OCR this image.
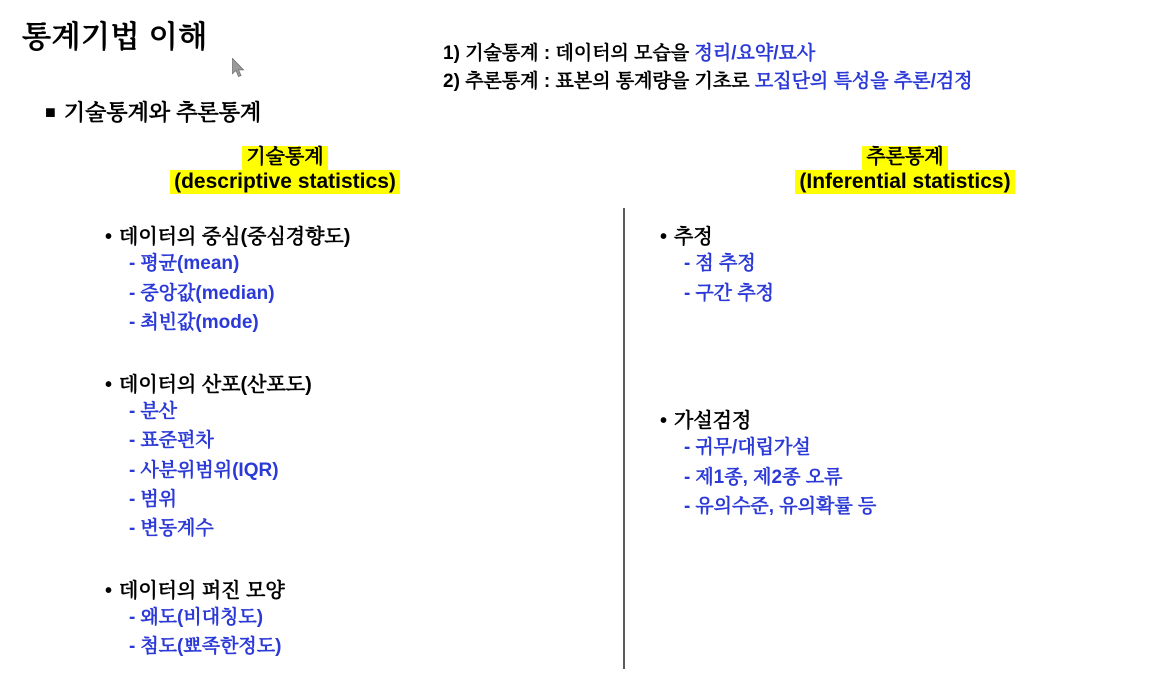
통계기법 이해	1) 기술통계 : 데이터의 모습을 정리/요약/묘사
2) 추론통계 : 표본의 통계량을 기초로 모집단의 특성을 추론/검정
■ 기술통계와 추론통계
기술통계
(descriptive statistics)
• 데이터의 중심(중심경향도)
- 평균(mean)
- 중앙값(median)
- 최빈값(mode)
• 데이터의 산포(산포도)
- 분산
- 표준편차
- 사분위범위(IQR)
- 범위
- 변동계수
• 데이터의 퍼진 모양
- 왜도(비대칭도)
- 첨도(뾰족한정도)
추론통계
(Inferential statistics)
• 추정
- 점 추정
- 구간 추정
• 가설검정
- 귀무/대립가설
- 제1종, 제2종 오류
- 유의수준, 유의확률 등
